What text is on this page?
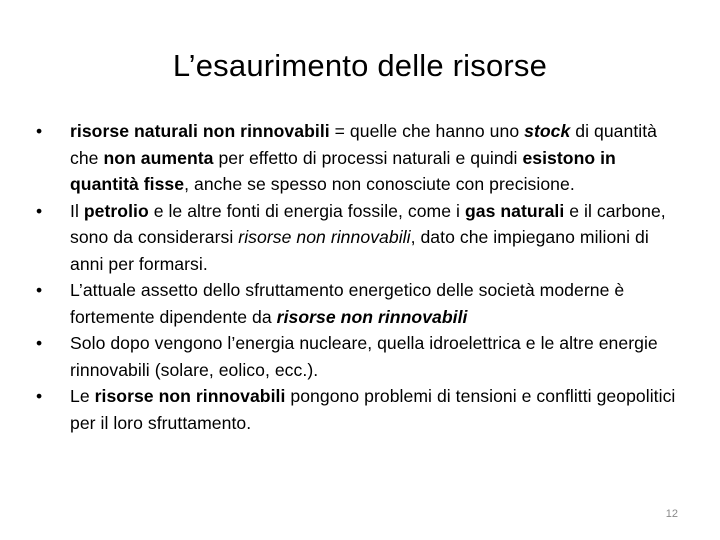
L’esaurimento delle risorse
•	risorse naturali non rinnovabili = quelle che hanno uno stock di quantità che non aumenta per effetto di processi naturali e quindi esistono in quantità fisse, anche se spesso non conosciute con precisione.
•	Il petrolio e le altre fonti di energia fossile, come i gas naturali e il carbone, sono da considerarsi risorse non rinnovabili, dato che impiegano milioni di anni per formarsi.
•	L’attuale assetto dello sfruttamento energetico delle società moderne è fortemente dipendente da risorse non rinnovabili
•	Solo dopo vengono l’energia nucleare, quella idroelettrica e le altre energie rinnovabili (solare, eolico, ecc.).
•	Le risorse non rinnovabili pongono problemi di tensioni e conflitti geopolitici per il loro sfruttamento.
12
